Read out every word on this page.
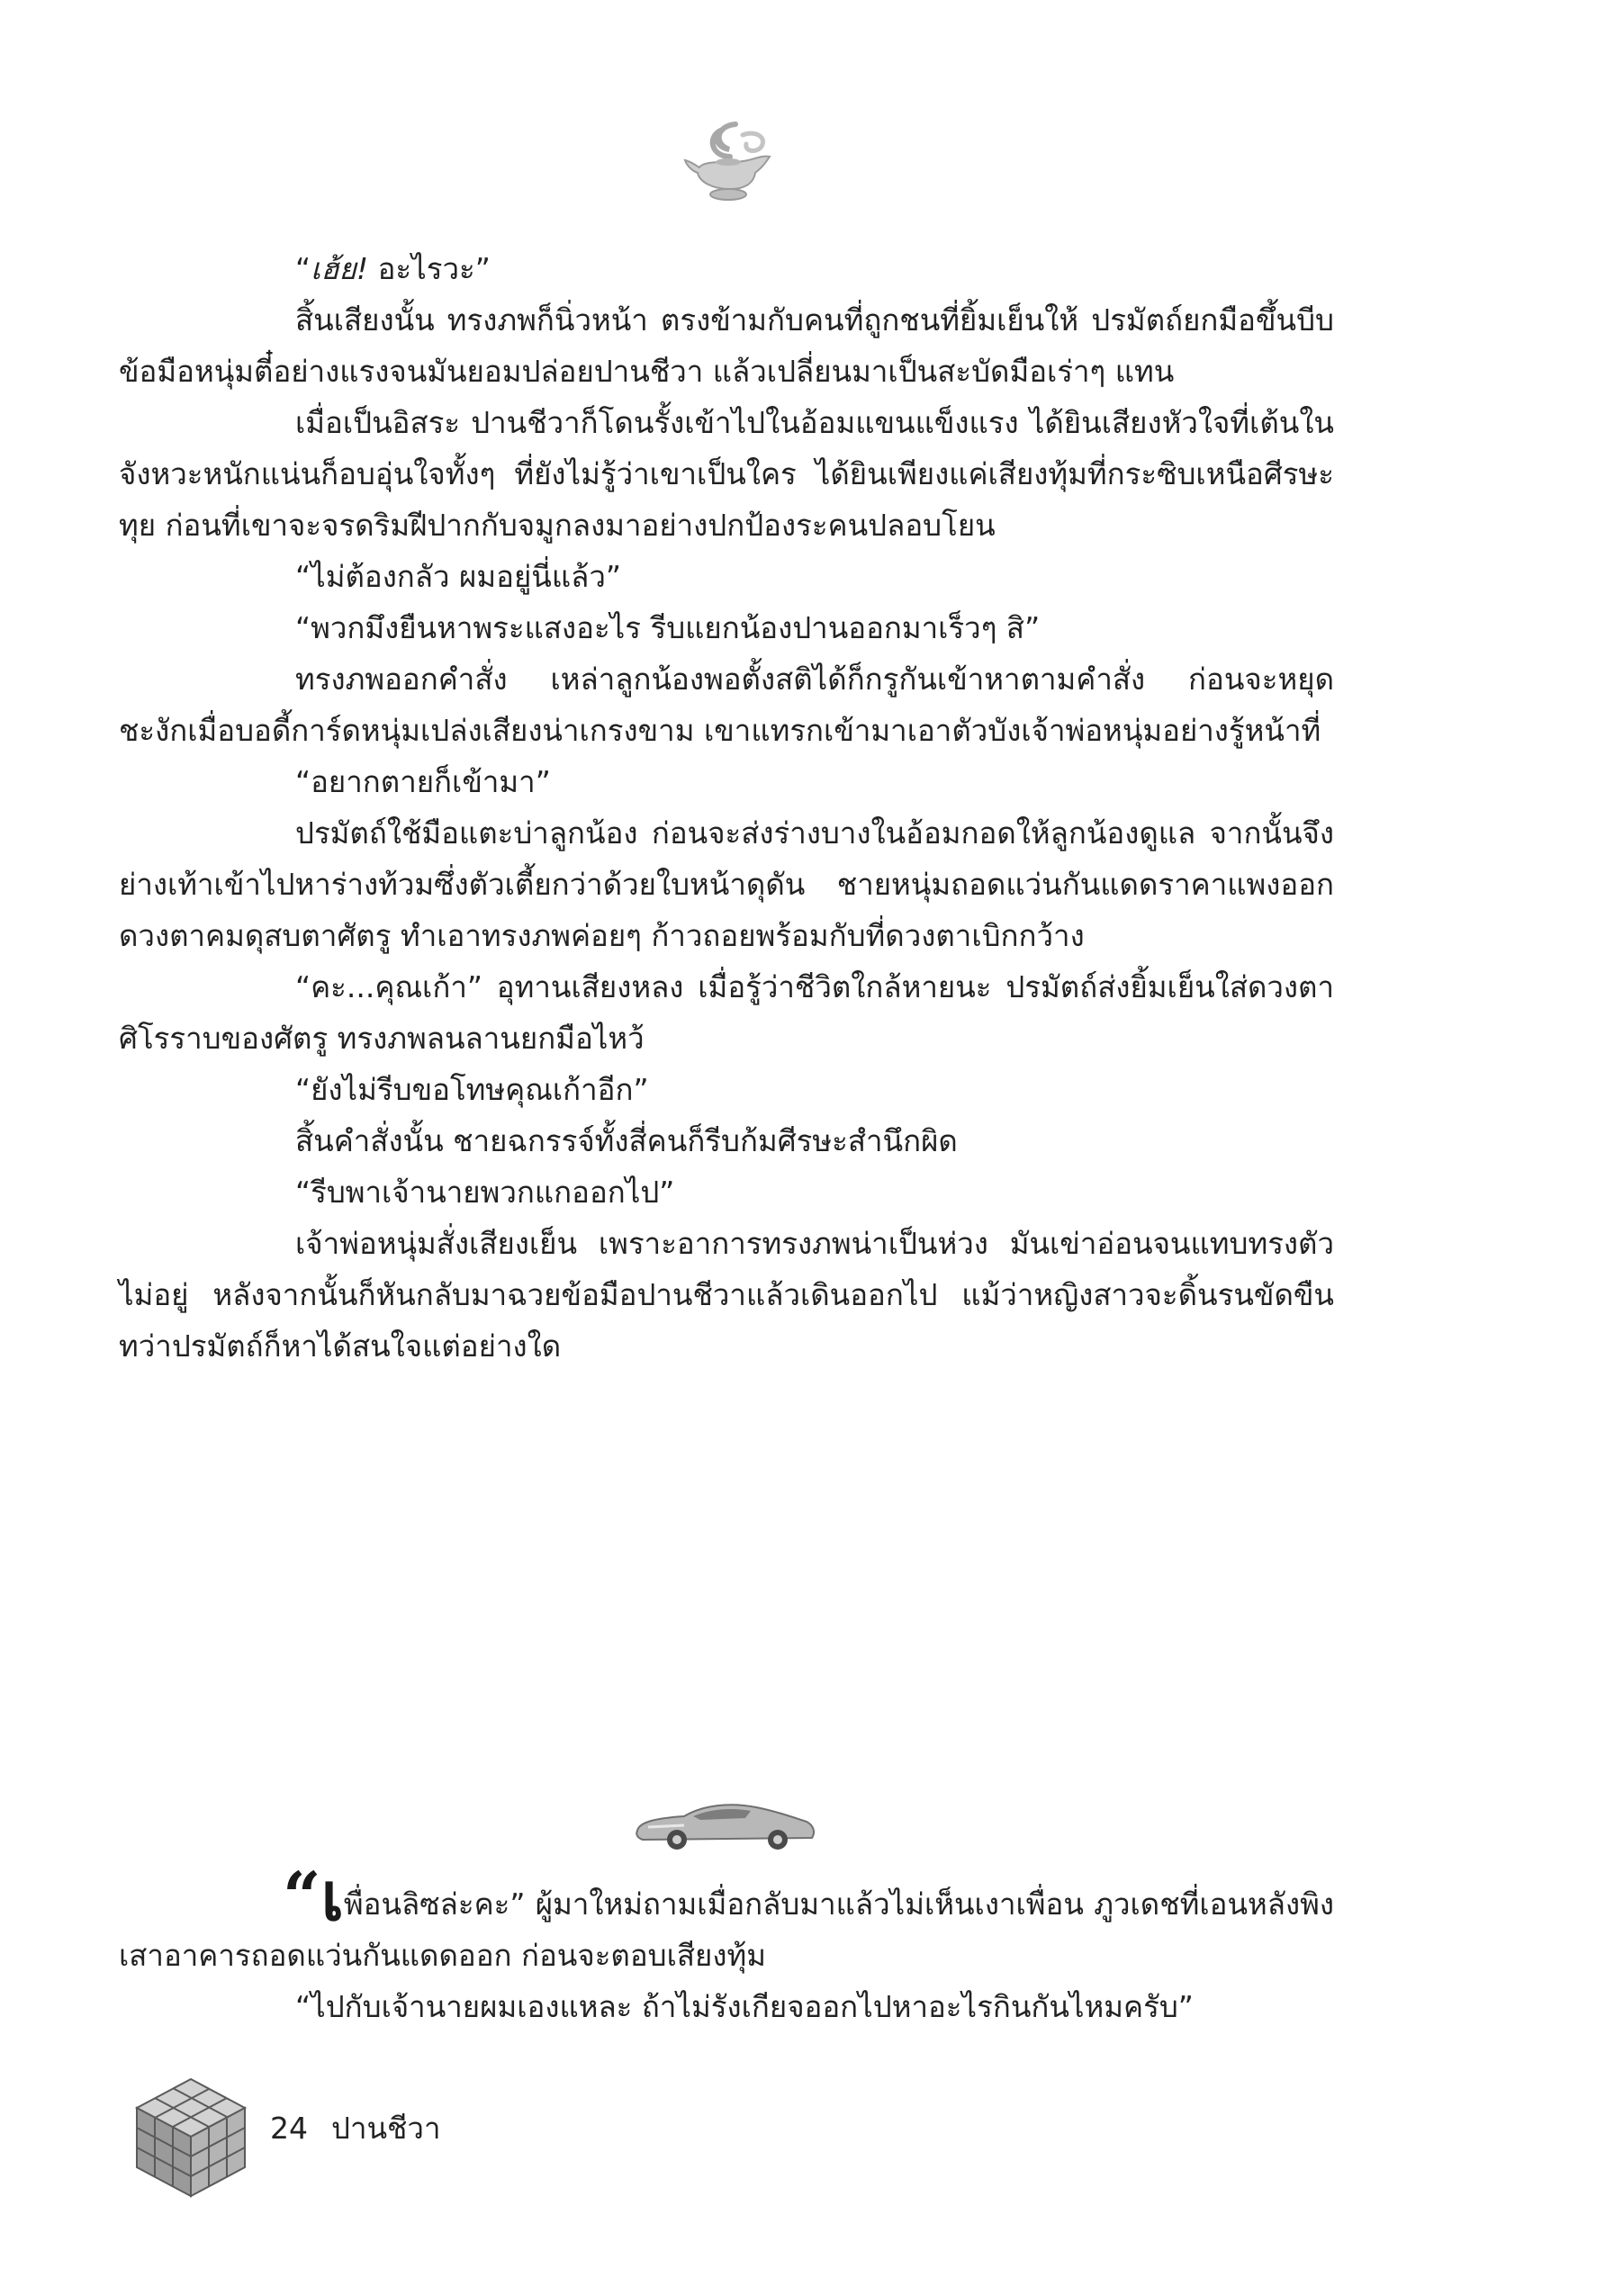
“เฮ้ย! อะไรวะ”

สิ้นเสียงนั้น ทรงภพก็นิ่วหน้า ตรงข้ามกับคนที่ถูกชนที่ยิ้มเย็นให้ ปรมัตถ์ยกมือขึ้นบีบข้อมือหนุ่มตี๋อย่างแรงจนมันยอมปล่อยปานชีวา แล้วเปลี่ยนมาเป็นสะบัดมือเร่าๆ แทน

เมื่อเป็นอิสระ ปานชีวาก็โดนรั้งเข้าไปในอ้อมแขนแข็งแรง ได้ยินเสียงหัวใจที่เต้นในจังหวะหนักแน่นก็อบอุ่นใจทั้งๆ ที่ยังไม่รู้ว่าเขาเป็นใคร ได้ยินเพียงแค่เสียงทุ้มที่กระซิบเหนือศีรษะทุย ก่อนที่เขาจะจรดริมฝีปากกับจมูกลงมาอย่างปกป้องระคนปลอบโยน

“ไม่ต้องกลัว ผมอยู่นี่แล้ว”

“พวกมึงยืนหาพระแสงอะไร รีบแยกน้องปานออกมาเร็วๆ สิ”

ทรงภพออกคำสั่ง เหล่าลูกน้องพอตั้งสติได้ก็กรูกันเข้าหาตามคำสั่ง ก่อนจะหยุดชะงักเมื่อบอดี้การ์ดหนุ่มเปล่งเสียงน่าเกรงขาม เขาแทรกเข้ามาเอาตัวบังเจ้าพ่อหนุ่มอย่างรู้หน้าที่

“อยากตายก็เข้ามา”

ปรมัตถ์ใช้มือแตะบ่าลูกน้อง ก่อนจะส่งร่างบางในอ้อมกอดให้ลูกน้องดูแล จากนั้นจึงย่างเท้าเข้าไปหาร่างท้วมซึ่งตัวเตี้ยกว่าด้วยใบหน้าดุดัน ชายหนุ่มถอดแว่นกันแดดราคาแพงออก ดวงตาคมดุสบตาศัตรู ทำเอาทรงภพค่อยๆ ก้าวถอยพร้อมกับที่ดวงตาเบิกกว้าง

“คะ...คุณเก้า” อุทานเสียงหลง เมื่อรู้ว่าชีวิตใกล้หายนะ ปรมัตถ์ส่งยิ้มเย็นใส่ดวงตาศิโรราบของศัตรู ทรงภพลนลานยกมือไหว้

“ยังไม่รีบขอโทษคุณเก้าอีก”

สิ้นคำสั่งนั้น ชายฉกรรจ์ทั้งสี่คนก็รีบก้มศีรษะสำนึกผิด

“รีบพาเจ้านายพวกแกออกไป”

เจ้าพ่อหนุ่มสั่งเสียงเย็น เพราะอาการทรงภพน่าเป็นห่วง มันเข่าอ่อนจนแทบทรงตัวไม่อยู่ หลังจากนั้นก็หันกลับมาฉวยข้อมือปานชีวาแล้วเดินออกไป แม้ว่าหญิงสาวจะดิ้นรนขัดขืน ทว่าปรมัตถ์ก็หาได้สนใจแต่อย่างใด

“เพื่อนลิซล่ะคะ” ผู้มาใหม่ถามเมื่อกลับมาแล้วไม่เห็นเงาเพื่อน ภูวเดชที่เอนหลังพิงเสาอาคารถอดแว่นกันแดดออก ก่อนจะตอบเสียงทุ้ม

“ไปกับเจ้านายผมเองแหละ ถ้าไม่รังเกียจออกไปหาอะไรกินกันไหมครับ”

24 ปานชีวา
